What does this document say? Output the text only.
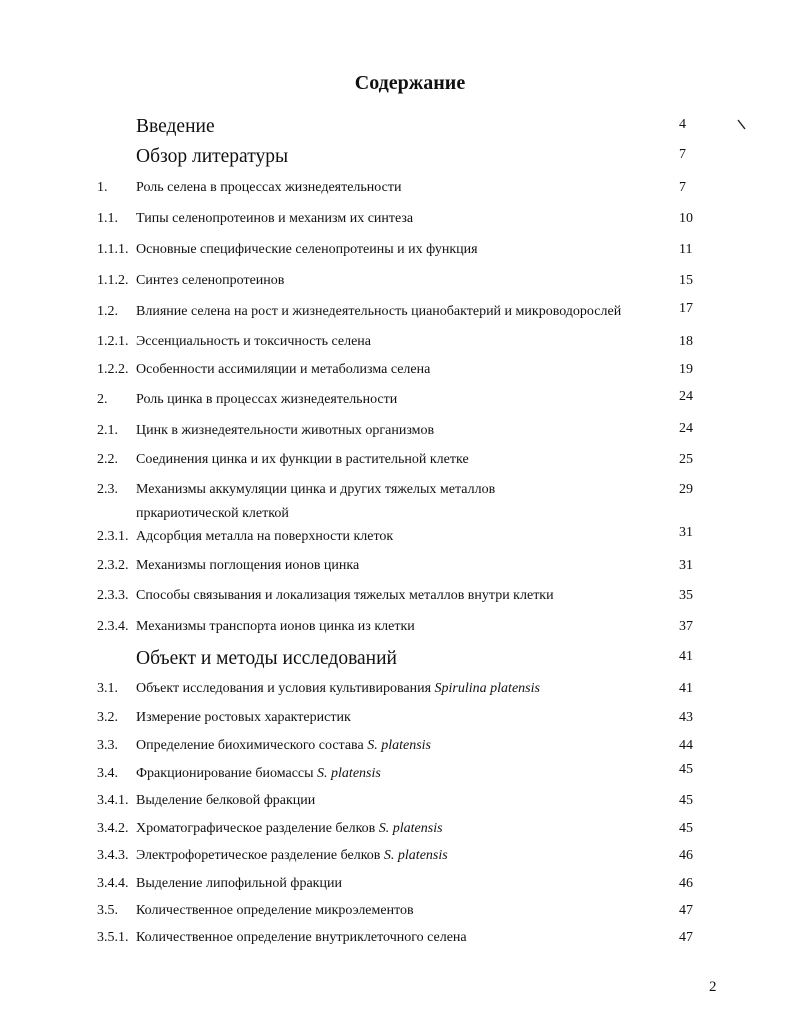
Содержание
Введение	4
Обзор литературы	7
1. Роль селена в процессах жизнедеятельности	7
1.1. Типы селенопротеинов и механизм их синтеза	10
1.1.1. Основные специфические селенопротеины и их функция	11
1.1.2. Синтез селенопротеинов	15
1.2. Влияние селена на рост и жизнедеятельность цианобактерий и микроводорослей	17
1.2.1. Эссенциальность и токсичность селена	18
1.2.2. Особенности ассимиляции и метаболизма селена	19
2. Роль цинка в процессах жизнедеятельности	24
2.1. Цинк в жизнедеятельности животных организмов	24
2.2. Соединения цинка и их функции в растительной клетке	25
2.3. Механизмы аккумуляции цинка и других тяжелых металлов
пркариотической клеткой
29
2.3.1. Адсорбция металла на поверхности клеток	31
2.3.2. Механизмы поглощения ионов цинка	31
2.3.3. Способы связывания и локализация тяжелых металлов внутри клетки	35
2.3.4. Механизмы транспорта ионов цинка из клетки	37
Объект и методы исследований	41
3.1. Объект исследования и условия культивирования Spirulina platensis	41
3.2. Измерение ростовых характеристик	43
3.3. Определение биохимического состава S. platensis	44
3.4. Фракционирование биомассы S. platensis	45
3.4.1. Выделение белковой фракции	45
3.4.2. Хроматографическое разделение белков S. platensis	45
3.4.3. Электрофоретическое разделение белков S. platensis	46
3.4.4. Выделение липофильной фракции	46
3.5. Количественное определение микроэлементов	47
3.5.1. Количественное определение внутриклеточного селена	47
2
